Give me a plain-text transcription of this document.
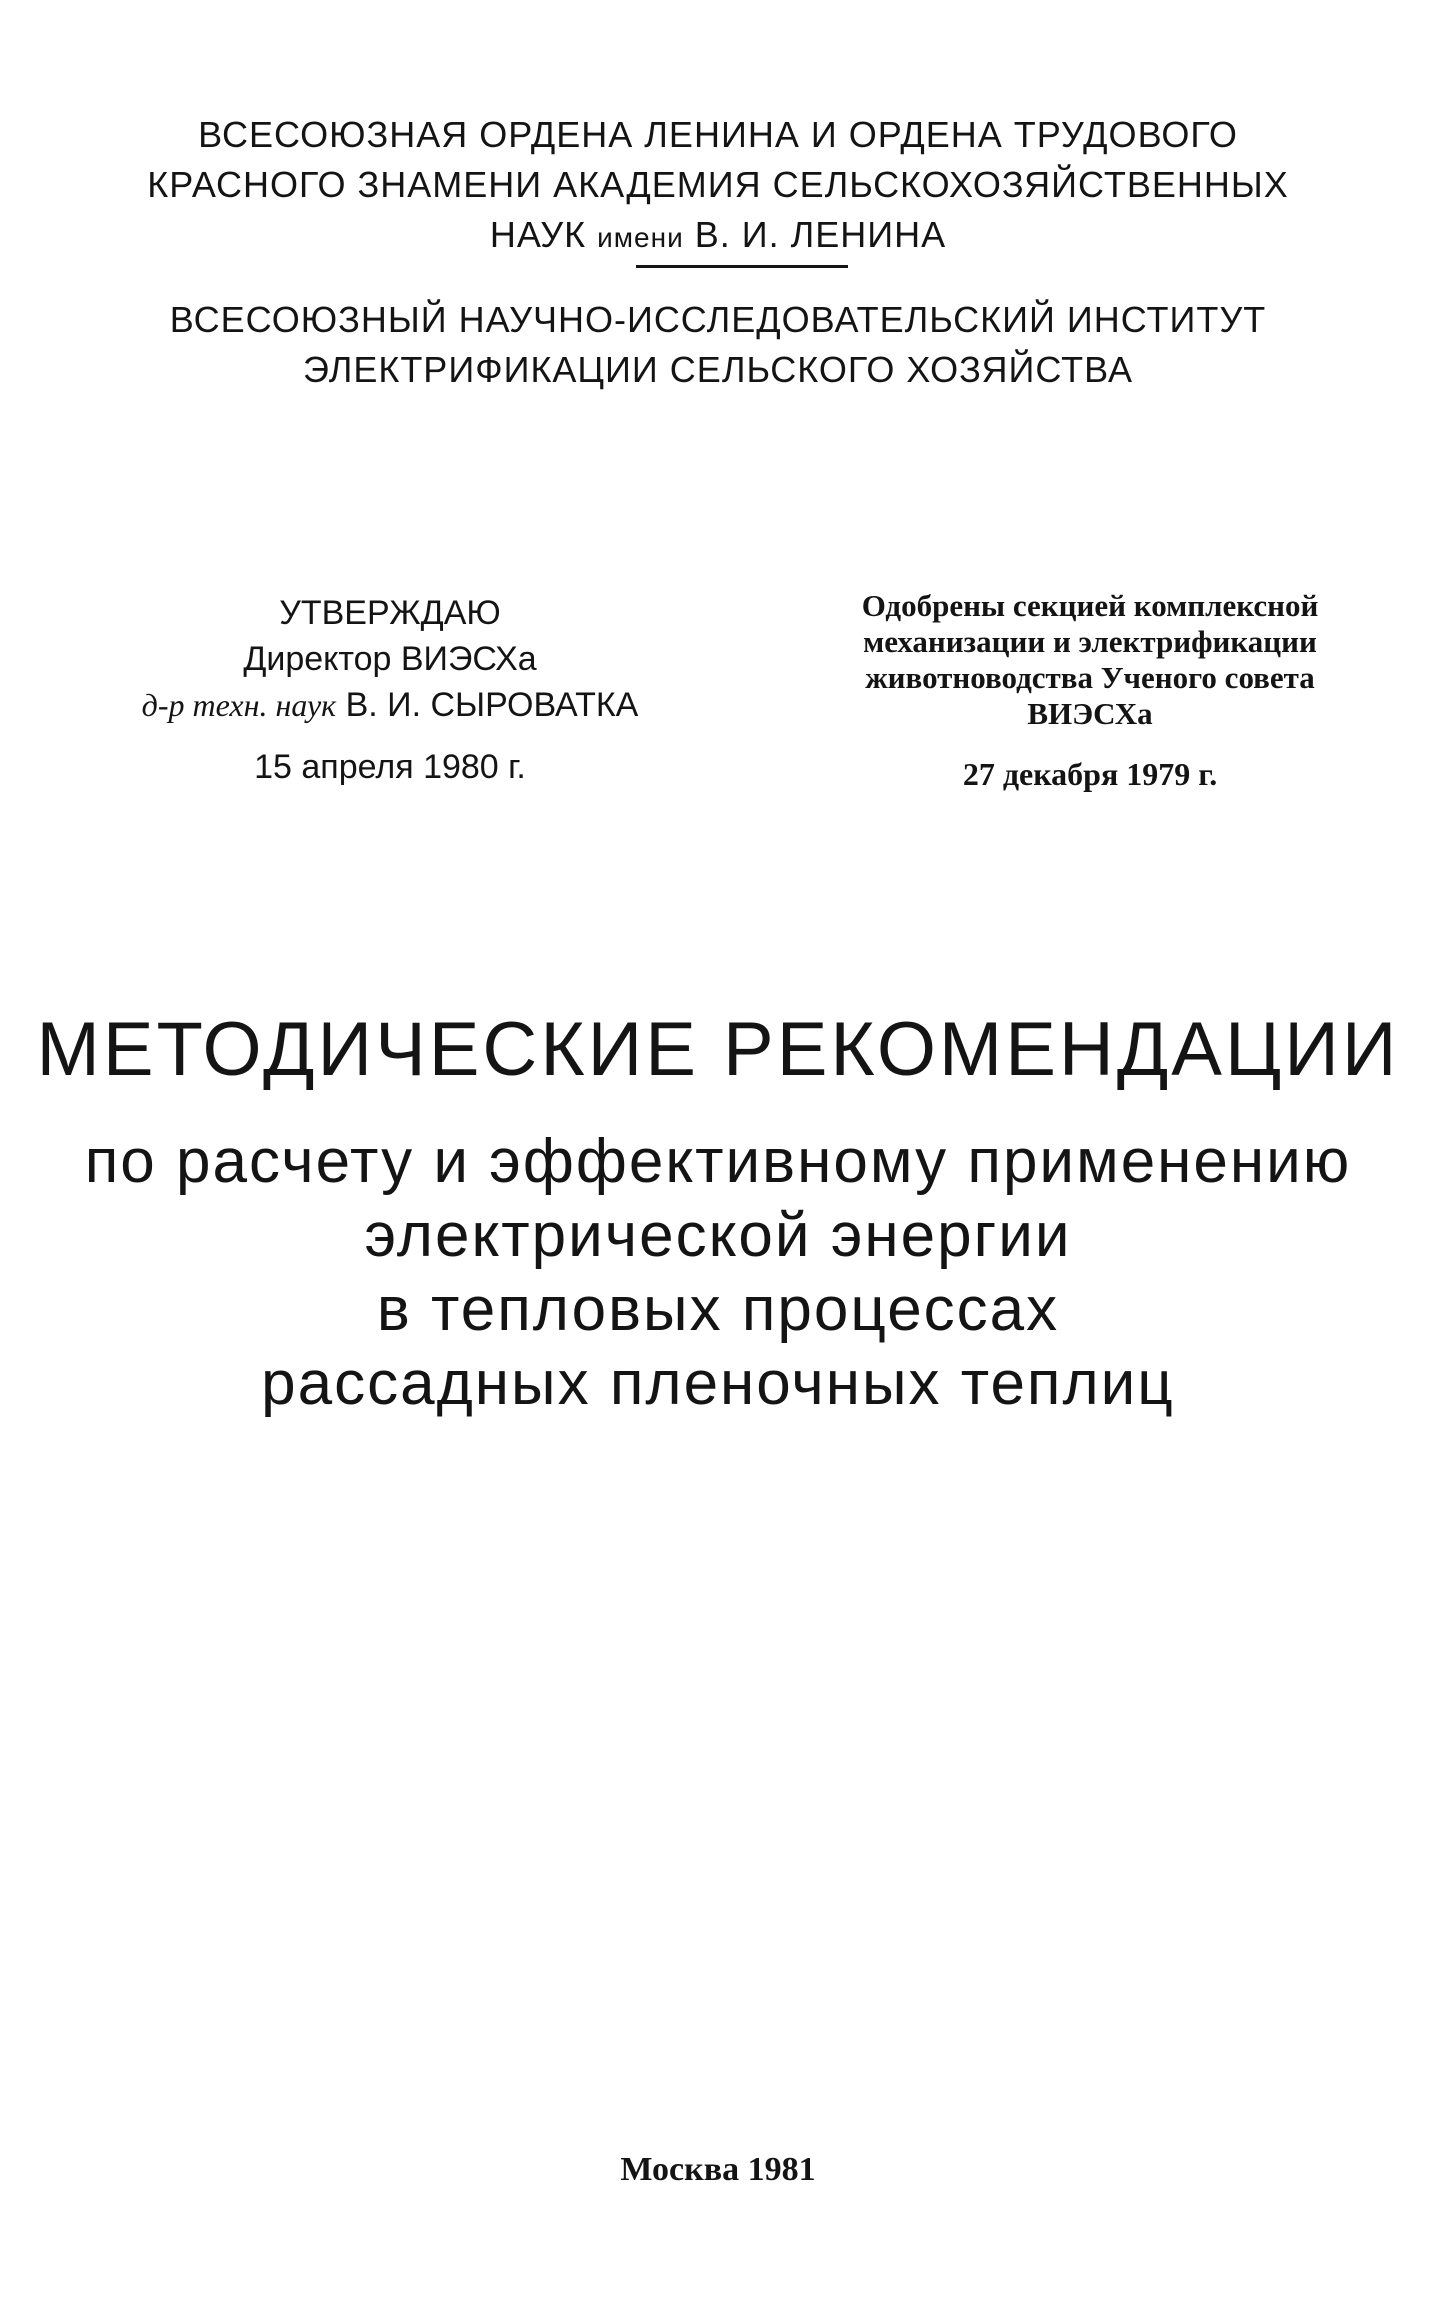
ВСЕСОЮЗНАЯ ОРДЕНА ЛЕНИНА И ОРДЕНА ТРУДОВОГО
КРАСНОГО ЗНАМЕНИ АКАДЕМИЯ СЕЛЬСКОХОЗЯЙСТВЕННЫХ
НАУК имени В. И. ЛЕНИНА
ВСЕСОЮЗНЫЙ НАУЧНО-ИССЛЕДОВАТЕЛЬСКИЙ ИНСТИТУТ
ЭЛЕКТРИФИКАЦИИ СЕЛЬСКОГО ХОЗЯЙСТВА
УТВЕРЖДАЮ
Директор ВИЭСХа
д-р техн. наук В. И. СЫРОВАТКА
15 апреля 1980 г.
Одобрены секцией комплексной
механизации и электрификации
животноводства Ученого совета
ВИЭСХа
27 декабря 1979 г.
МЕТОДИЧЕСКИЕ РЕКОМЕНДАЦИИ
по расчету и эффективному применению
электрической энергии
в тепловых процессах
рассадных пленочных теплиц
Москва 1981
